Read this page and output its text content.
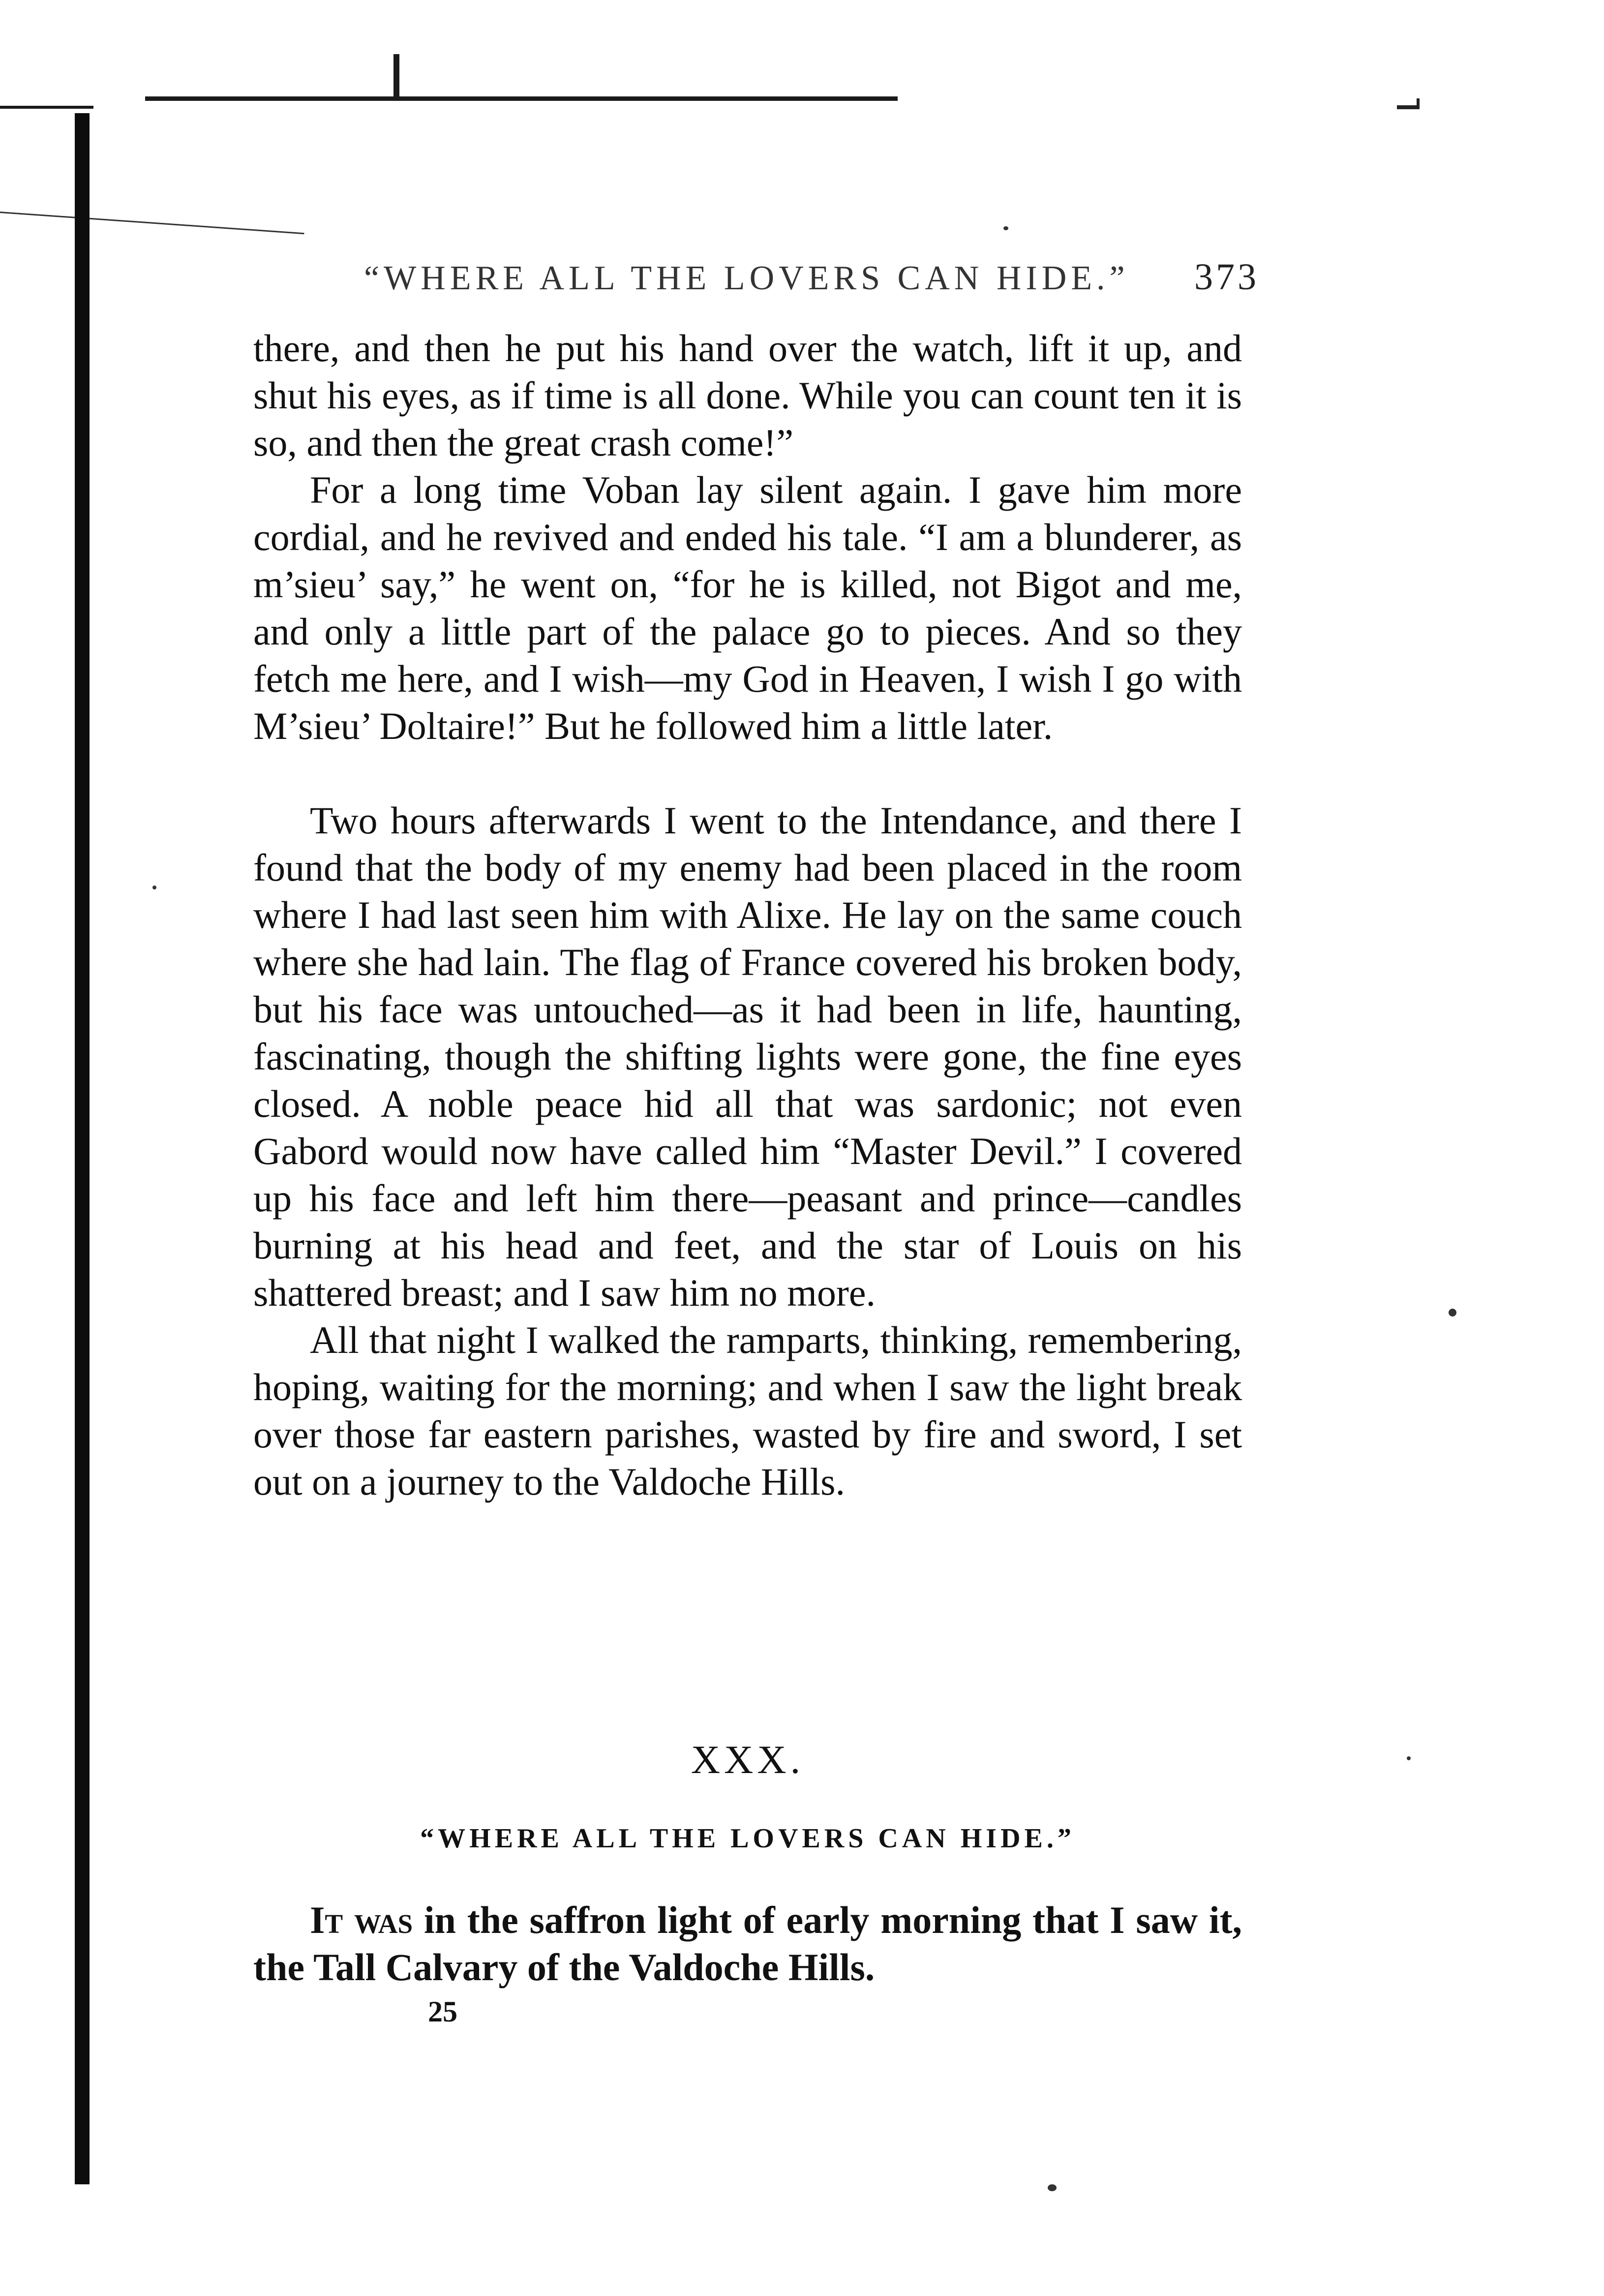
“WHERE ALL THE LOVERS CAN HIDE.” 373

there, and then he put his hand over the watch, lift it up, and shut his eyes, as if time is all done. While you can count ten it is so, and then the great crash come!”

For a long time Voban lay silent again. I gave him more cordial, and he revived and ended his tale. “I am a blunderer, as m’sieu’ say,” he went on, “for he is killed, not Bigot and me, and only a little part of the palace go to pieces. And so they fetch me here, and I wish—my God in Heaven, I wish I go with M’sieu’ Doltaire!” But he followed him a little later.

Two hours afterwards I went to the Intendance, and there I found that the body of my enemy had been placed in the room where I had last seen him with Alixe. He lay on the same couch where she had lain. The flag of France covered his broken body, but his face was untouched—as it had been in life, haunting, fascinating, though the shifting lights were gone, the fine eyes closed. A noble peace hid all that was sardonic; not even Gabord would now have called him “Master Devil.” I covered up his face and left him there—peasant and prince—candles burning at his head and feet, and the star of Louis on his shattered breast; and I saw him no more.

All that night I walked the ramparts, thinking, remembering, hoping, waiting for the morning; and when I saw the light break over those far eastern parishes, wasted by fire and sword, I set out on a journey to the Valdoche Hills.

XXX.
“WHERE ALL THE LOVERS CAN HIDE.”

It was in the saffron light of early morning that I saw it, the Tall Calvary of the Valdoche Hills.

25
